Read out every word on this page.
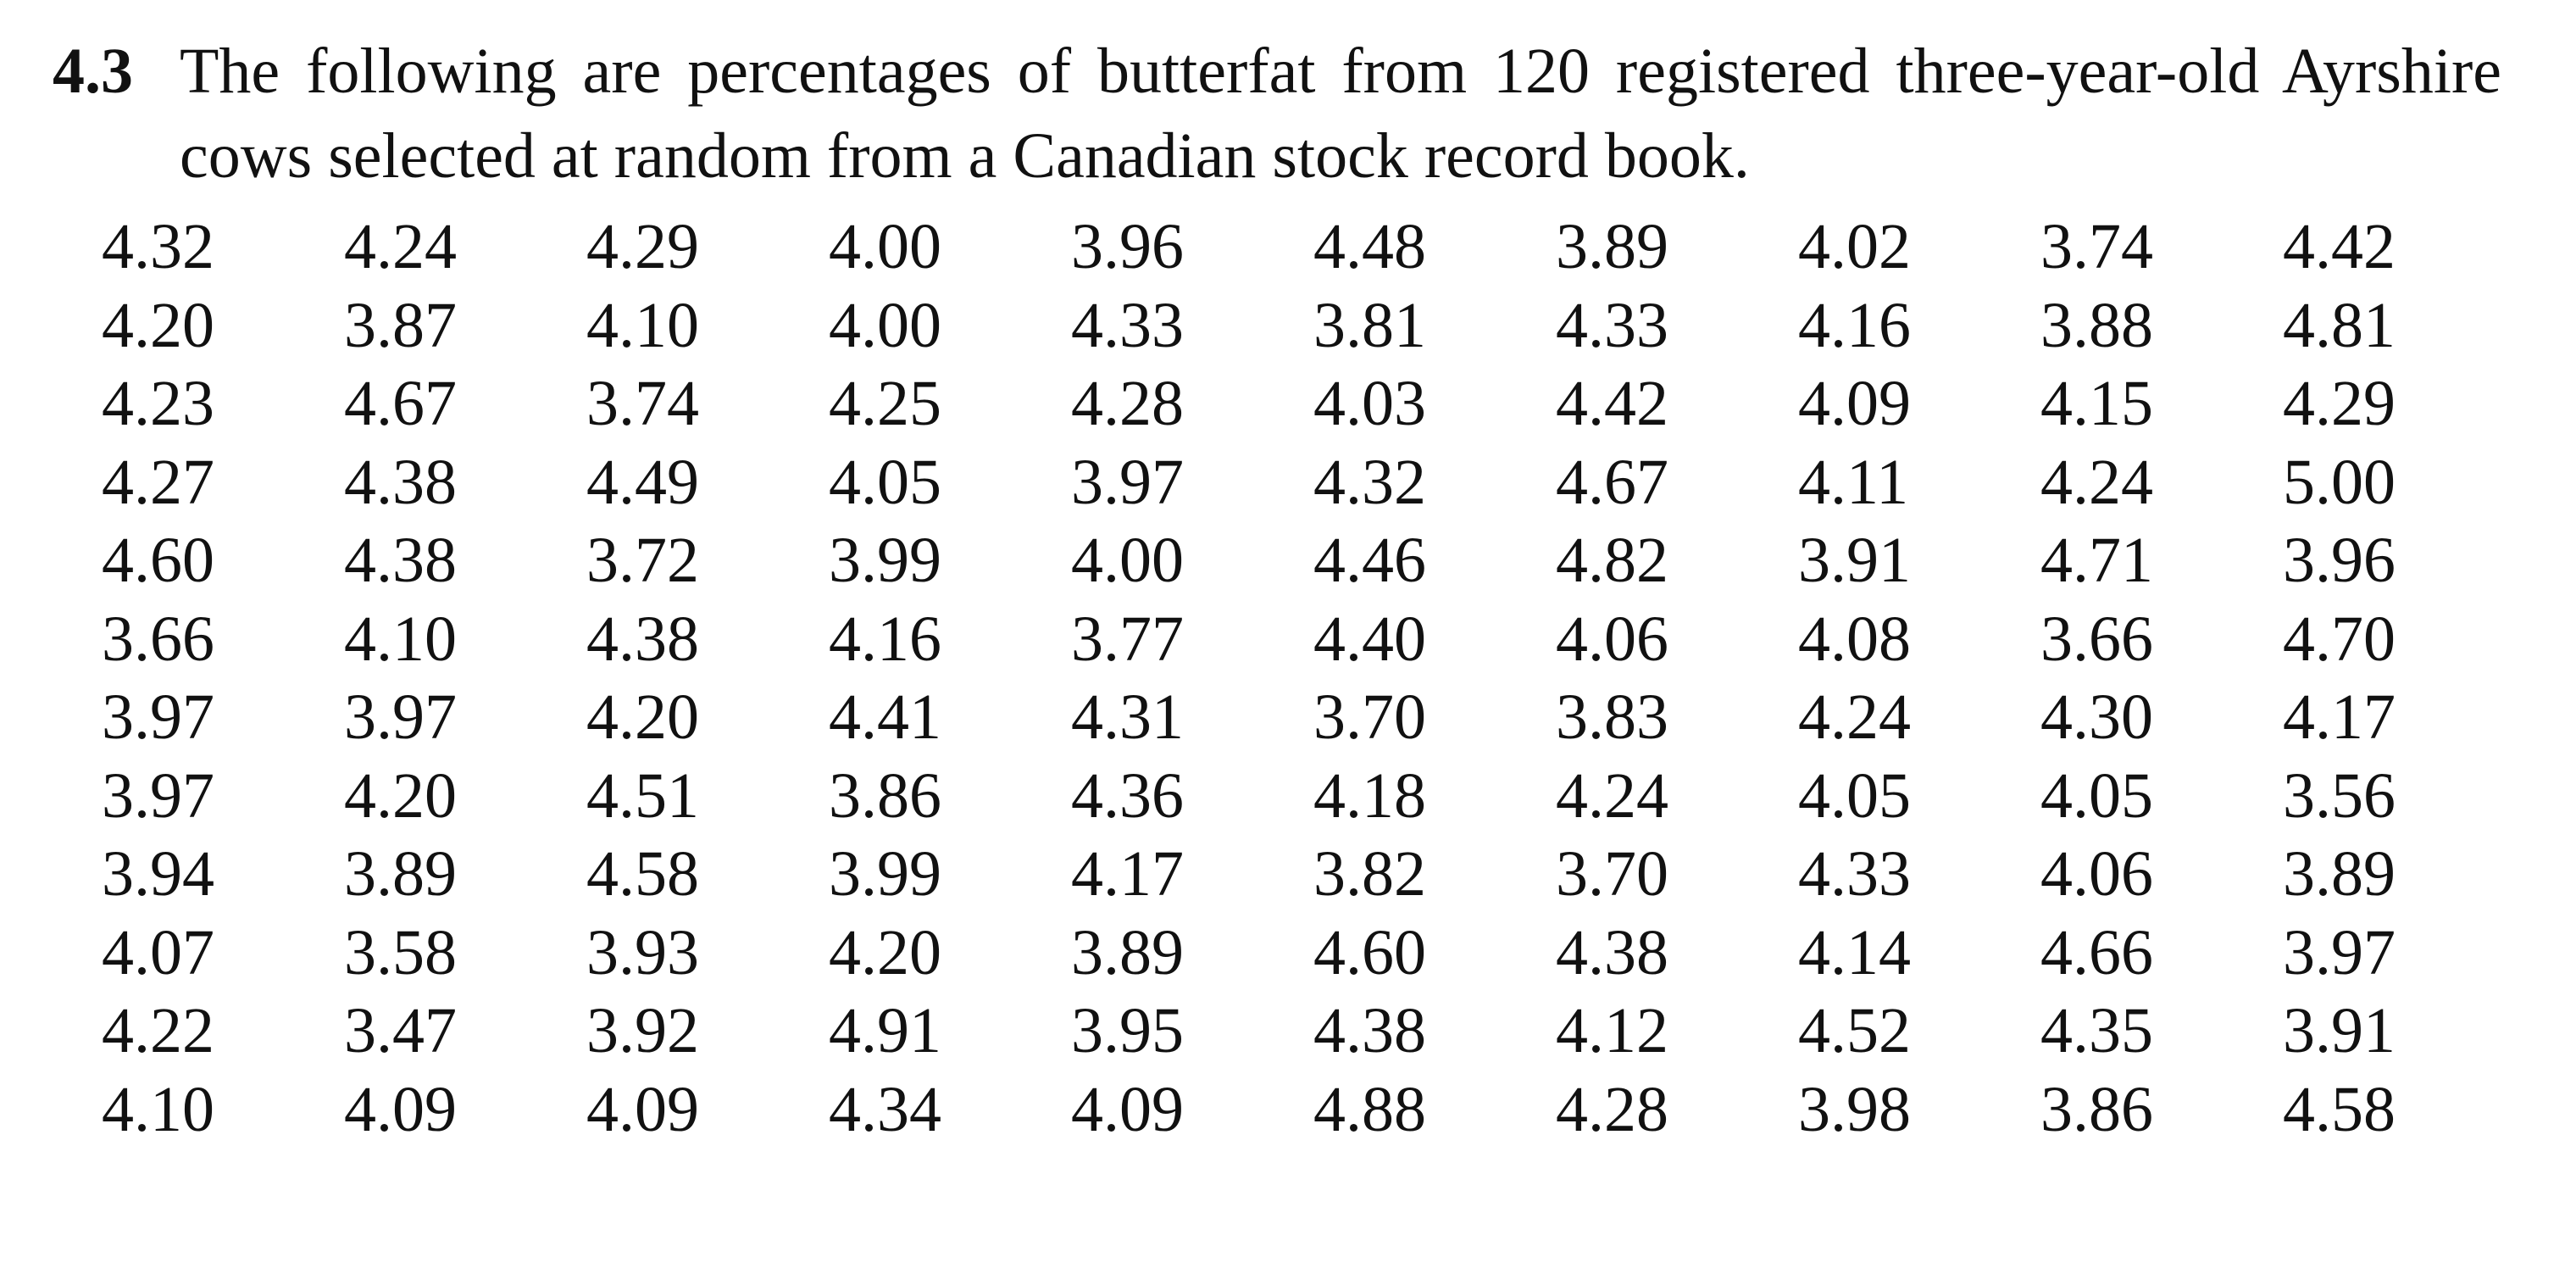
4.3 The following are percentages of butterfat from 120 registered three-year-old Ayrshire cows selected at random from a Canadian stock record book.
4.32	4.24	4.29	4.00	3.96	4.48	3.89	4.02	3.74	4.42
4.20	3.87	4.10	4.00	4.33	3.81	4.33	4.16	3.88	4.81
4.23	4.67	3.74	4.25	4.28	4.03	4.42	4.09	4.15	4.29
4.27	4.38	4.49	4.05	3.97	4.32	4.67	4.11	4.24	5.00
4.60	4.38	3.72	3.99	4.00	4.46	4.82	3.91	4.71	3.96
3.66	4.10	4.38	4.16	3.77	4.40	4.06	4.08	3.66	4.70
3.97	3.97	4.20	4.41	4.31	3.70	3.83	4.24	4.30	4.17
3.97	4.20	4.51	3.86	4.36	4.18	4.24	4.05	4.05	3.56
3.94	3.89	4.58	3.99	4.17	3.82	3.70	4.33	4.06	3.89
4.07	3.58	3.93	4.20	3.89	4.60	4.38	4.14	4.66	3.97
4.22	3.47	3.92	4.91	3.95	4.38	4.12	4.52	4.35	3.91
4.10	4.09	4.09	4.34	4.09	4.88	4.28	3.98	3.86	4.58
